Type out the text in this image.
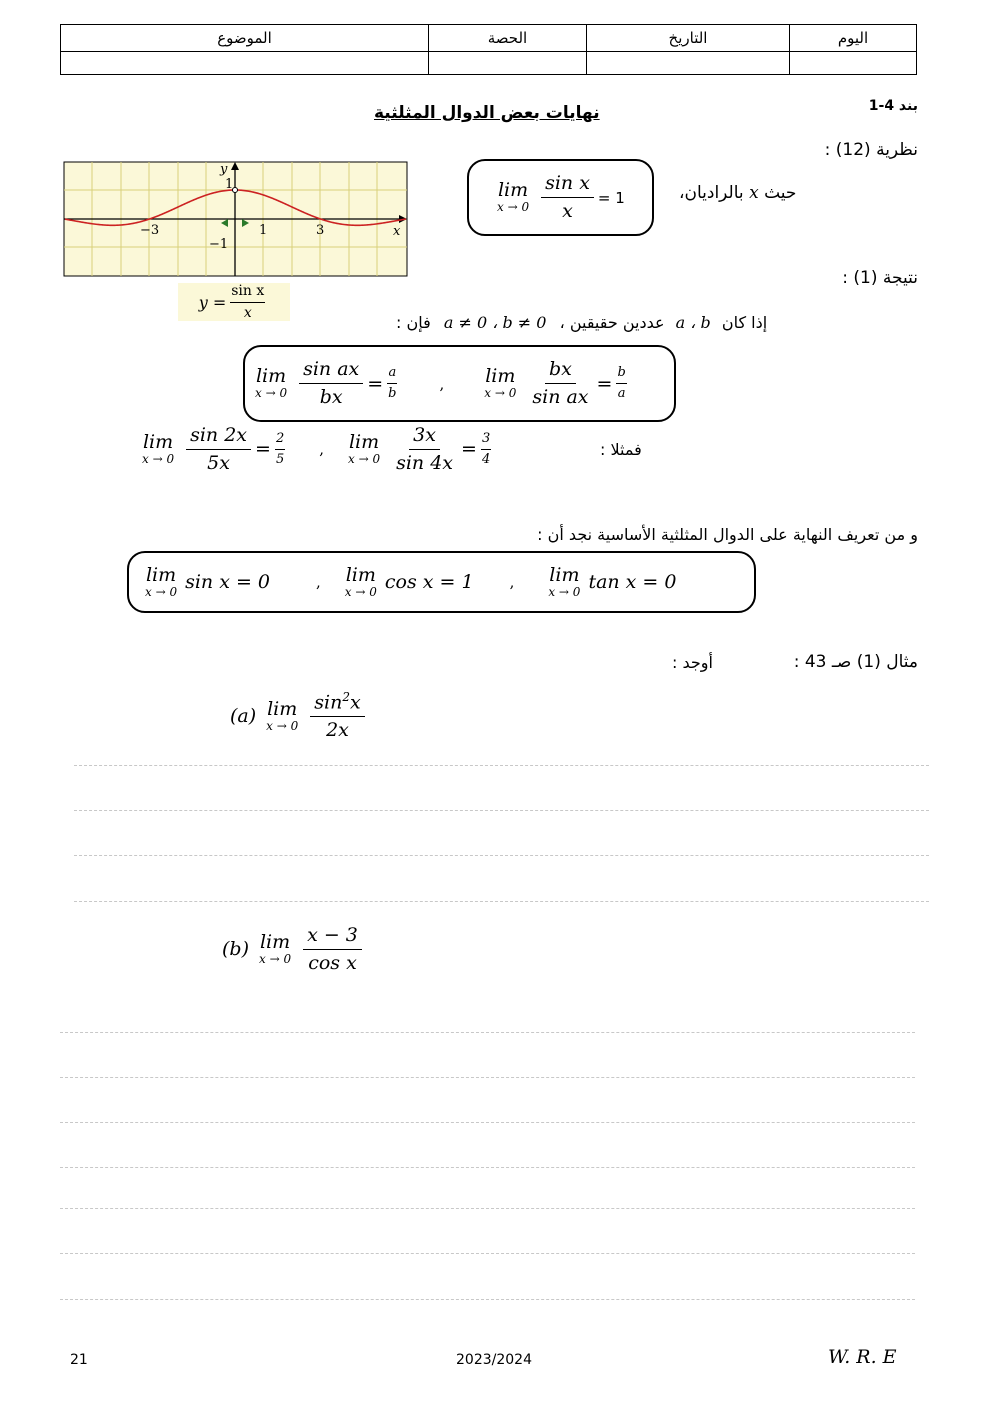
الموضوع	الحصة	التاريخ	اليوم

بند 4-1
نهايات بعض الدوال المثلثية
نظرية (12) :
lim
$x \to 0 \frac{\text{sin x}}{x} = 1$	حيث x بالراديان،
−3	1	3
1
−1
x
y
$y = \frac{\text{sin x}}{x}$
نتيجة (1) :
إذا كان a ، b عددين حقيقين ، a ≠ 0 ، b ≠ 0 فإن :
lim
$x \to 0 \frac{\text{sin ax}}{bx} = \frac{a}{b}$	, lim
$x \to 0 \frac{bx}{\text{sin ax}} = \frac{b}{a}$
lim
$x \to 0 \frac{\sin 2x}{5x} = \frac{2}{5}$ , lim
$x \to 0 \frac{3x}{\sin 4x} = \frac{3}{4}$	فمثلا :
و من تعريف النهاية على الدوال المثلثية الأساسية نجد أن :
lim
x → 0 sin x = 0	, lim
x → 0 cos x = 1 , lim
x → 0 tan x = 0
مثال (1) صـ 43 :
أوجد :
(a) lim
$x \to 0 \frac{\sin^2x}{2x}$
(b) lim
$x \to 0 \frac{x - 3}{\text{cos x}}$
21	2023/2024	W. R. E
